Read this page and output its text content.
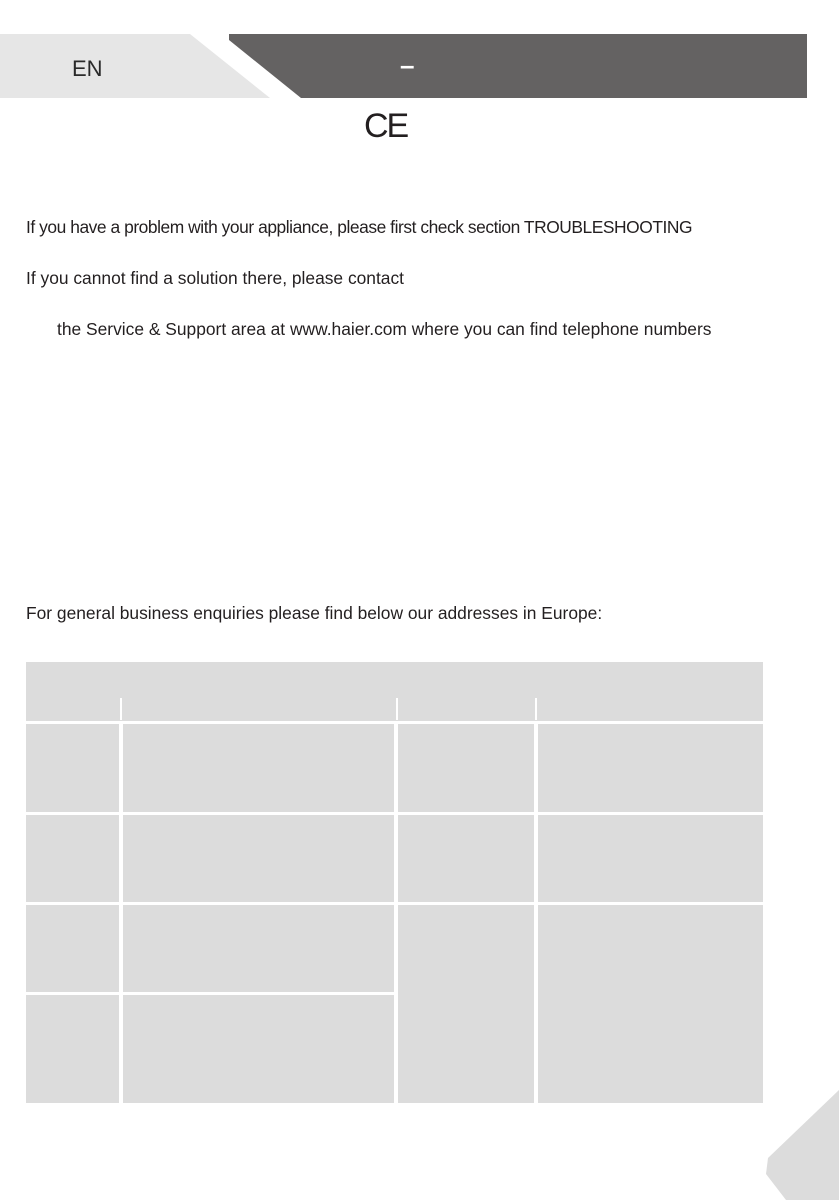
EN	–
CE
If you have a problem with your appliance, please first check section TROUBLESHOOTING
If you cannot find a solution there, please contact
the Service & Support area at www.haier.com where you can find telephone numbers
For general business enquiries please find below our addresses in Europe:
